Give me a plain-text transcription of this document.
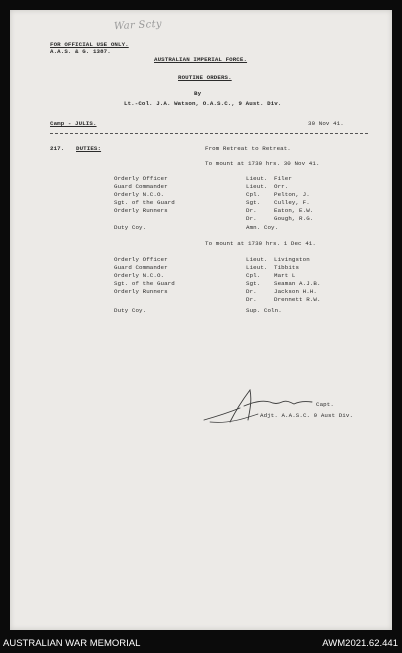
War Scty
FOR OFFICIAL USE ONLY.
A.A.S. & G. 1387.
AUSTRALIAN IMPERIAL FORCE.
ROUTINE ORDERS.
By
Lt.-Col. J.A. Watson, O.A.S.C., 9 Aust. Div.
Camp - JULIS.	30 Nov 41.
217. DUTIES:	From Retreat to Retreat.
To mount at 1730 hrs. 30 Nov 41.
Orderly Officer	Lieut. Filer
Guard Commander	Lieut. Orr.
Orderly N.C.O.	Cpl. Pelton, J.
Sgt. of the Guard	Sgt. Culley, F.
Orderly Runners	Dr.	Eaton, E.W.
Dr.	Gough, R.G.
Duty Coy.	Amn. Coy.
To mount at 1730 hrs. 1 Dec 41.
Orderly Officer	Lieut. Livingston
Guard Commander	Lieut. Tibbits
Orderly N.C.O.	Cpl. Mart L
Sgt. of the Guard	Sgt. Seaman A.J.B.
Orderly Runners	Dr.	Jackson H.H.
Dr.	Drennett R.W.
Duty Coy.	Sup. Coln.
Capt.
Adjt. A.A.S.C. 9 Aust Div.
AUSTRALIAN WAR MEMORIAL	AWM2021.62.441
